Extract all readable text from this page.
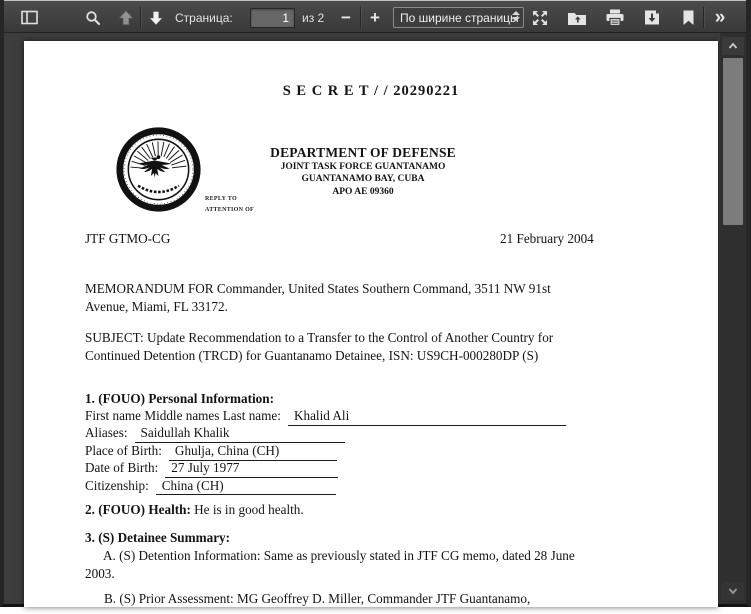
Страница:
1	из 2 − + По ширине страницы	»
S E C R E T / / 20290221
DEPARTMENT OF DEFENSE
JOINT TASK FORCE GUANTANAMO
GUANTANAMO BAY, CUBA
APO AE 09360
REPLY TO
ATTENTION OF
JTF GTMO-CG	21 February 2004
MEMORANDUM FOR Commander, United States Southern Command, 3511 NW 91st
Avenue, Miami, FL 33172.
SUBJECT: Update Recommendation to a Transfer to the Control of Another Country for
Continued Detention (TRCD) for Guantanamo Detainee, ISN: US9CH-000280DP (S)
1. (FOUO) Personal Information:
First name Middle names Last name: Khalid Ali
Aliases: Saidullah Khalik
Place of Birth: Ghulja, China (CH)
Date of Birth: 27 July 1977
Citizenship: China (CH)
2. (FOUO) Health: He is in good health.
3. (S) Detainee Summary:
A. (S) Detention Information: Same as previously stated in JTF CG memo, dated 28 June
2003.
B. (S) Prior Assessment: MG Geoffrey D. Miller, Commander JTF Guantanamo,
